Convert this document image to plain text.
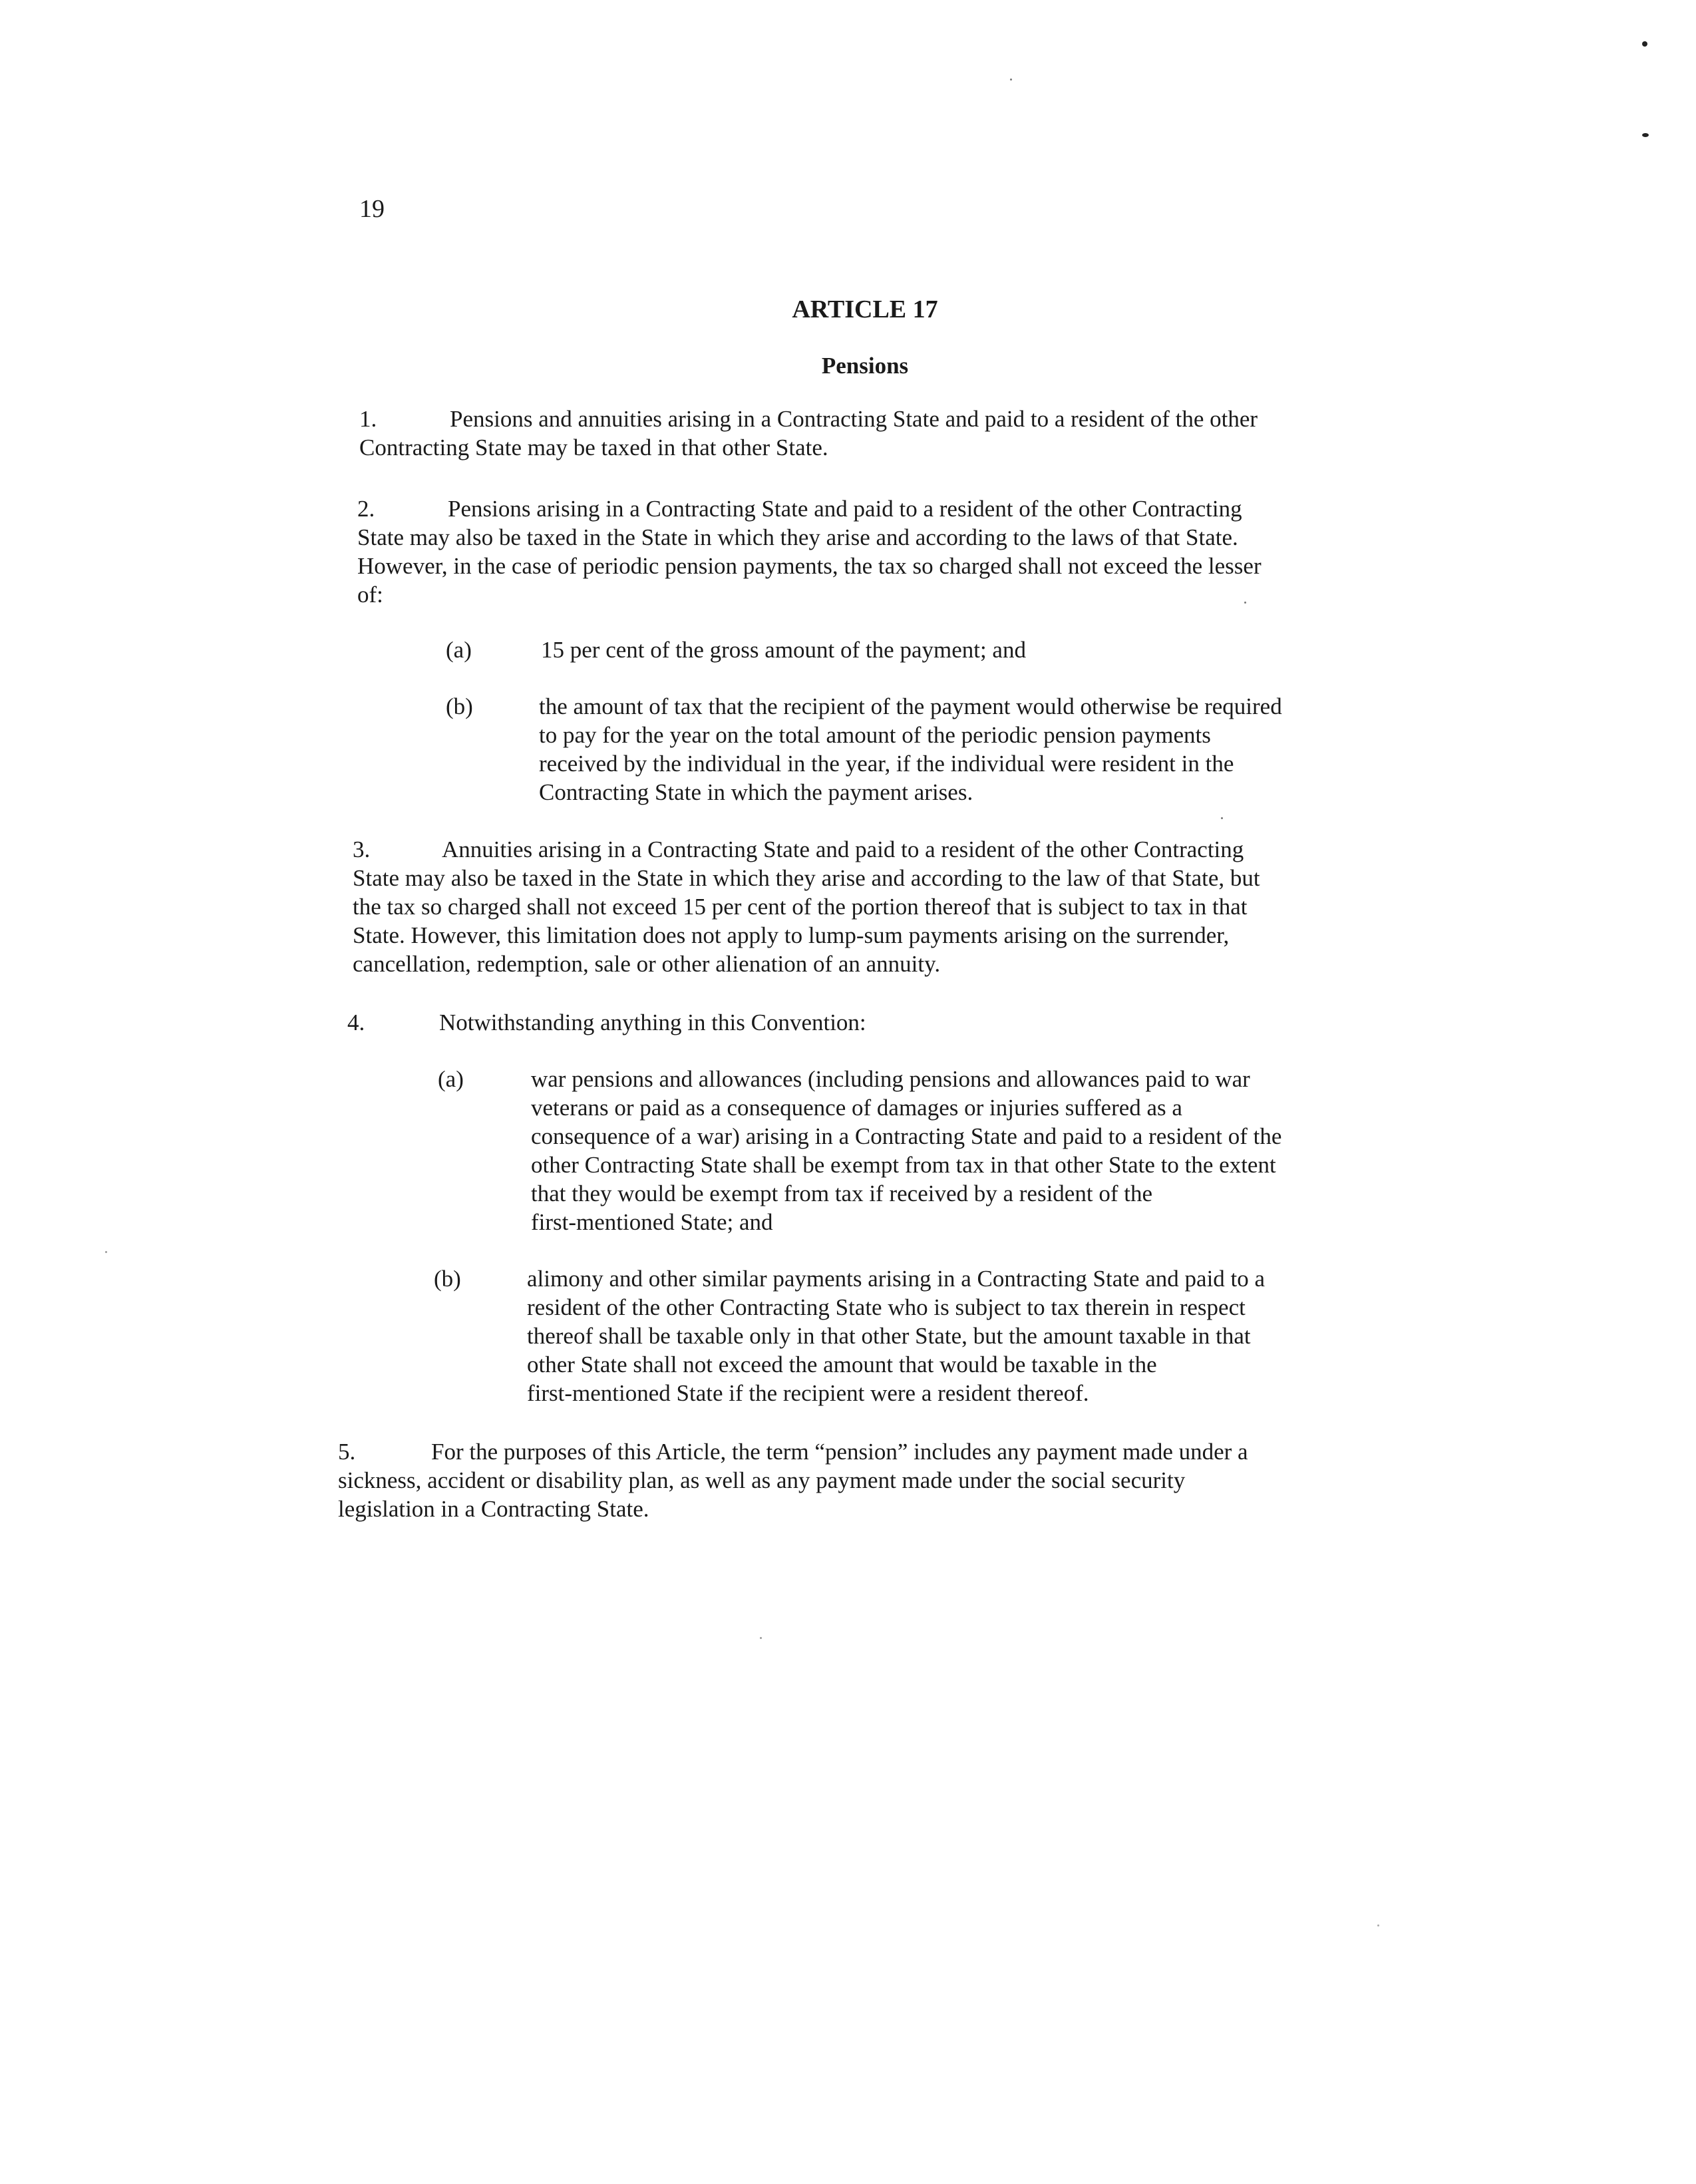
19
ARTICLE 17
Pensions
1.	Pensions and annuities arising in a Contracting State and paid to a resident of the other
Contracting State may be taxed in that other State.
2.	Pensions arising in a Contracting State and paid to a resident of the other Contracting
State may also be taxed in the State in which they arise and according to the laws of that State.
However, in the case of periodic pension payments, the tax so charged shall not exceed the lesser
of:
(a)	15 per cent of the gross amount of the payment; and
(b)	the amount of tax that the recipient of the payment would otherwise be required
to pay for the year on the total amount of the periodic pension payments
received by the individual in the year, if the individual were resident in the
Contracting State in which the payment arises.
3.	Annuities arising in a Contracting State and paid to a resident of the other Contracting
State may also be taxed in the State in which they arise and according to the law of that State, but
the tax so charged shall not exceed 15 per cent of the portion thereof that is subject to tax in that
State. However, this limitation does not apply to lump-sum payments arising on the surrender,
cancellation, redemption, sale or other alienation of an annuity.
4.	Notwithstanding anything in this Convention:
(a)	war pensions and allowances (including pensions and allowances paid to war
veterans or paid as a consequence of damages or injuries suffered as a
consequence of a war) arising in a Contracting State and paid to a resident of the
other Contracting State shall be exempt from tax in that other State to the extent
that they would be exempt from tax if received by a resident of the
first-mentioned State; and
(b)	alimony and other similar payments arising in a Contracting State and paid to a
resident of the other Contracting State who is subject to tax therein in respect
thereof shall be taxable only in that other State, but the amount taxable in that
other State shall not exceed the amount that would be taxable in the
first-mentioned State if the recipient were a resident thereof.
5.	For the purposes of this Article, the term “pension” includes any payment made under a
sickness, accident or disability plan, as well as any payment made under the social security
legislation in a Contracting State.
